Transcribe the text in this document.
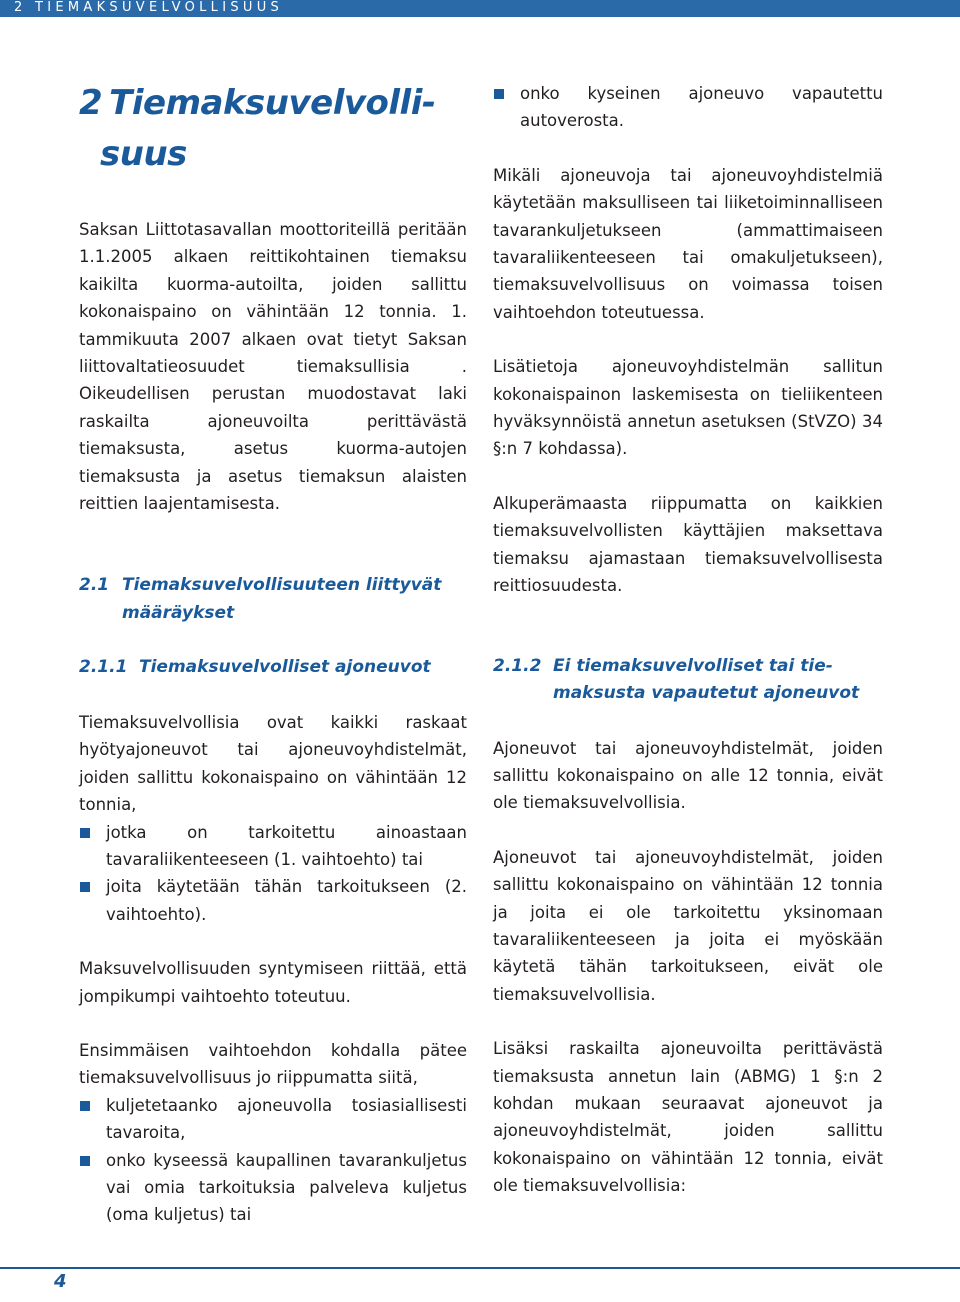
2 TIEMAKSUVELVOLLISUUS
2 Tiemaksuvelvolli-
suus

Saksan Liittotasavallan moottoriteillä peritään 1.1.2005 alkaen reittikohtainen tiemaksu kaikilta kuorma-autoilta, joiden sallittu kokonaispaino on vähintään 12 tonnia. 1. tammikuuta 2007 alkaen ovat tietyt Saksan liittovaltatieosuudet tiemaksullisia . Oikeudellisen perustan muodostavat laki raskailta ajoneuvoilta perittävästä tiemaksusta, asetus kuorma-autojen tiemaksusta ja asetus tiemaksun alaisten reittien laajentamisesta.

2.1 Tiemaksuvelvollisuuteen liittyvät
määräykset
2.1.1 Tiemaksuvelvolliset ajoneuvot

Tiemaksuvelvollisia ovat kaikki raskaat hyötyajoneuvot tai ajoneuvoyhdistelmät, joiden sallittu kokonaispaino on vähintään 12 tonnia,

jotka on tarkoitettu ainoastaan tavaraliikenteeseen (1. vaihtoehto) tai
joita käytetään tähän tarkoitukseen (2. vaihtoehto).

Maksuvelvollisuuden syntymiseen riittää, että jompikumpi vaihtoehto toteutuu.

Ensimmäisen vaihtoehdon kohdalla pätee tiemaksuvelvollisuus jo riippumatta siitä,

kuljetetaanko ajoneuvolla tosiasiallisesti tavaroita,
onko kyseessä kaupallinen tavarankuljetus vai omia tarkoituksia palveleva kuljetus (oma kuljetus) tai
onko kyseinen ajoneuvo vapautettu autoverosta.

Mikäli ajoneuvoja tai ajoneuvoyhdistelmiä käytetään maksulliseen tai liiketoiminnalliseen tavarankuljetukseen (ammattimaiseen tavaraliikenteeseen tai omakuljetukseen), tiemaksuvelvollisuus on voimassa toisen vaihtoehdon toteutuessa.

Lisätietoja ajoneuvoyhdistelmän sallitun kokonaispainon laskemisesta on tieliikenteen hyväksynnöistä annetun asetuksen (StVZO) 34 §:n 7 kohdassa).

Alkuperämaasta riippumatta on kaikkien tiemaksuvelvollisten käyttäjien maksettava tiemaksu ajamastaan tiemaksuvelvollisesta reittiosuudesta.

2.1.2 Ei tiemaksuvelvolliset tai tie-
maksusta vapautetut ajoneuvot

Ajoneuvot tai ajoneuvoyhdistelmät, joiden sallittu kokonaispaino on alle 12 tonnia, eivät ole tiemaksuvelvollisia.

Ajoneuvot tai ajoneuvoyhdistelmät, joiden sallittu kokonaispaino on vähintään 12 tonnia ja joita ei ole tarkoitettu yksinomaan tavaraliikenteeseen ja joita ei myöskään käytetä tähän tarkoitukseen, eivät ole tiemaksuvelvollisia.

Lisäksi raskailta ajoneuvoilta perittävästä tiemaksusta annetun lain (ABMG) 1 §:n 2 kohdan mukaan seuraavat ajoneuvot ja ajoneuvoyhdistelmät, joiden sallittu kokonaispaino on vähintään 12 tonnia, eivät ole tiemaksuvelvollisia:

4
